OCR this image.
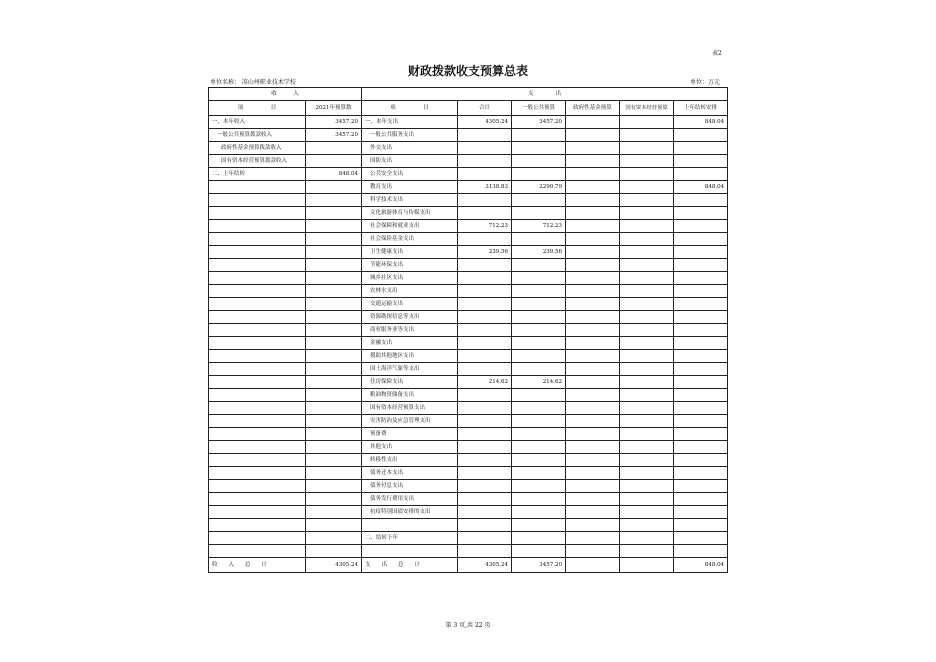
表2
财政拨款收支预算总表
单位名称： 凉山州职业技术学校	单位：万元
收　　　入		支　　　　出					
项　　　　　目	2021年预算数	项　　　　　目	合计	一般公共预算	政府性基金预算	国有资本经营预算	上年结转安排
一、本年收入	3457.20	一、本年支出	4305.24	3457.20			848.04
一般公共预算拨款收入	3457.20	一般公共服务支出					
政府性基金预算拨款收入		外交支出					
国有资本经营预算拨款收入		国防支出					
二、上年结转	848.04	公共安全支出					
		教育支出	3138.83	2290.79			848.04
		科学技术支出					
		文化旅游体育与传媒支出					
		社会保障和就业支出	712.23	712.23			
		社会保险基金支出					
		卫生健康支出	239.56	239.56			
		节能环保支出					
		城乡社区支出					
		农林水支出					
		交通运输支出					
		资源勘探信息等支出					
		商业服务业等支出					
		金融支出					
		援助其他地区支出					
		国土海洋气象等支出					
		住房保障支出	214.62	214.62			
		粮油物资储备支出					
		国有资本经营预算支出					
		灾害防治及应急管理支出					
		预备费					
		其他支出					
		转移性支出					
		债务还本支出					
		债务付息支出					
		债务发行费用支出					
		抗疫特别国债安排的支出					

		二、结转下年					

收　　入　　总　　计	4305.24	支　　出　　总　　计	4305.24	3457.20			848.04
第 3 页,共 22 页
